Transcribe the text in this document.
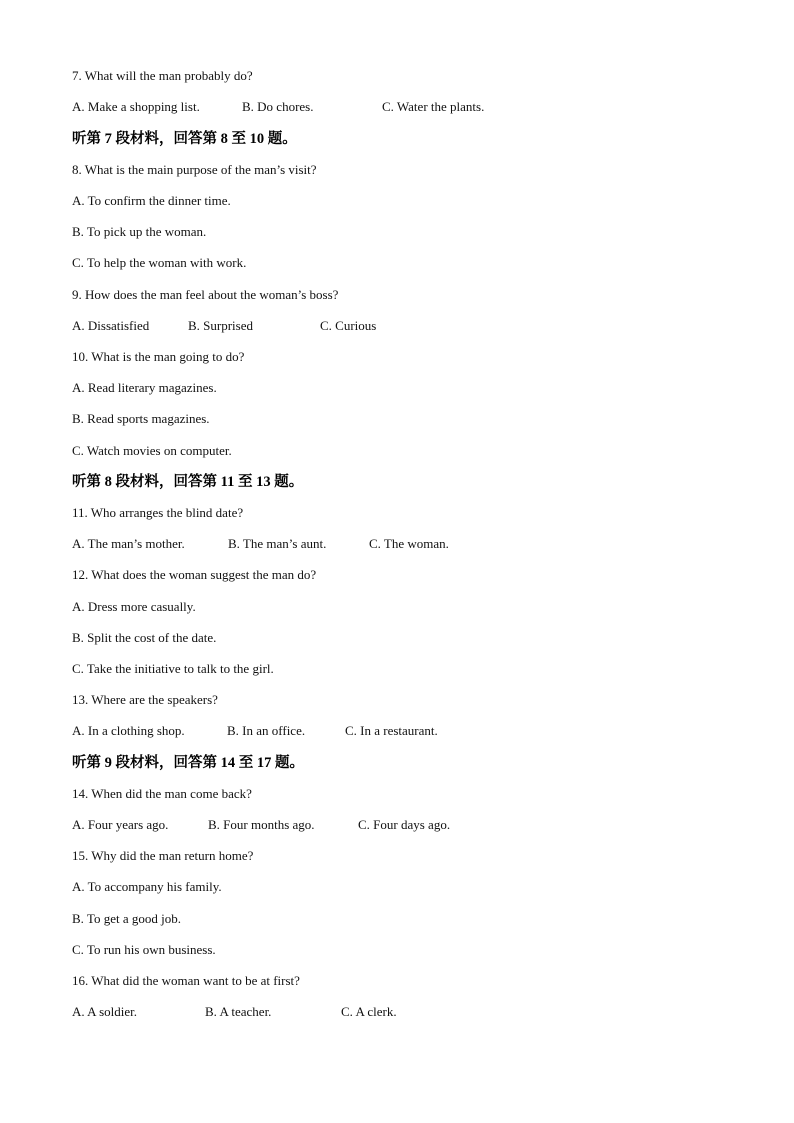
7. What will the man probably do?
A. Make a shopping list.	B. Do chores.	C. Water the plants.
听第 7 段材料，回答第 8 至 10 题。
8. What is the main purpose of the man’s visit?
A. To confirm the dinner time.
B. To pick up the woman.
C. To help the woman with work.
9. How does the man feel about the woman’s boss?
A. Dissatisfied	B. Surprised	C. Curious
10. What is the man going to do?
A. Read literary magazines.
B. Read sports magazines.
C. Watch movies on computer.
听第 8 段材料，回答第 11 至 13 题。
11. Who arranges the blind date?
A. The man’s mother.	B. The man’s aunt.	C. The woman.
12. What does the woman suggest the man do?
A. Dress more casually.
B. Split the cost of the date.
C. Take the initiative to talk to the girl.
13. Where are the speakers?
A. In a clothing shop.	B. In an office.	C. In a restaurant.
听第 9 段材料，回答第 14 至 17 题。
14. When did the man come back?
A. Four years ago.	B. Four months ago.	C. Four days ago.
15. Why did the man return home?
A. To accompany his family.
B. To get a good job.
C. To run his own business.
16. What did the woman want to be at first?
A. A soldier.	B. A teacher.	C. A clerk.
